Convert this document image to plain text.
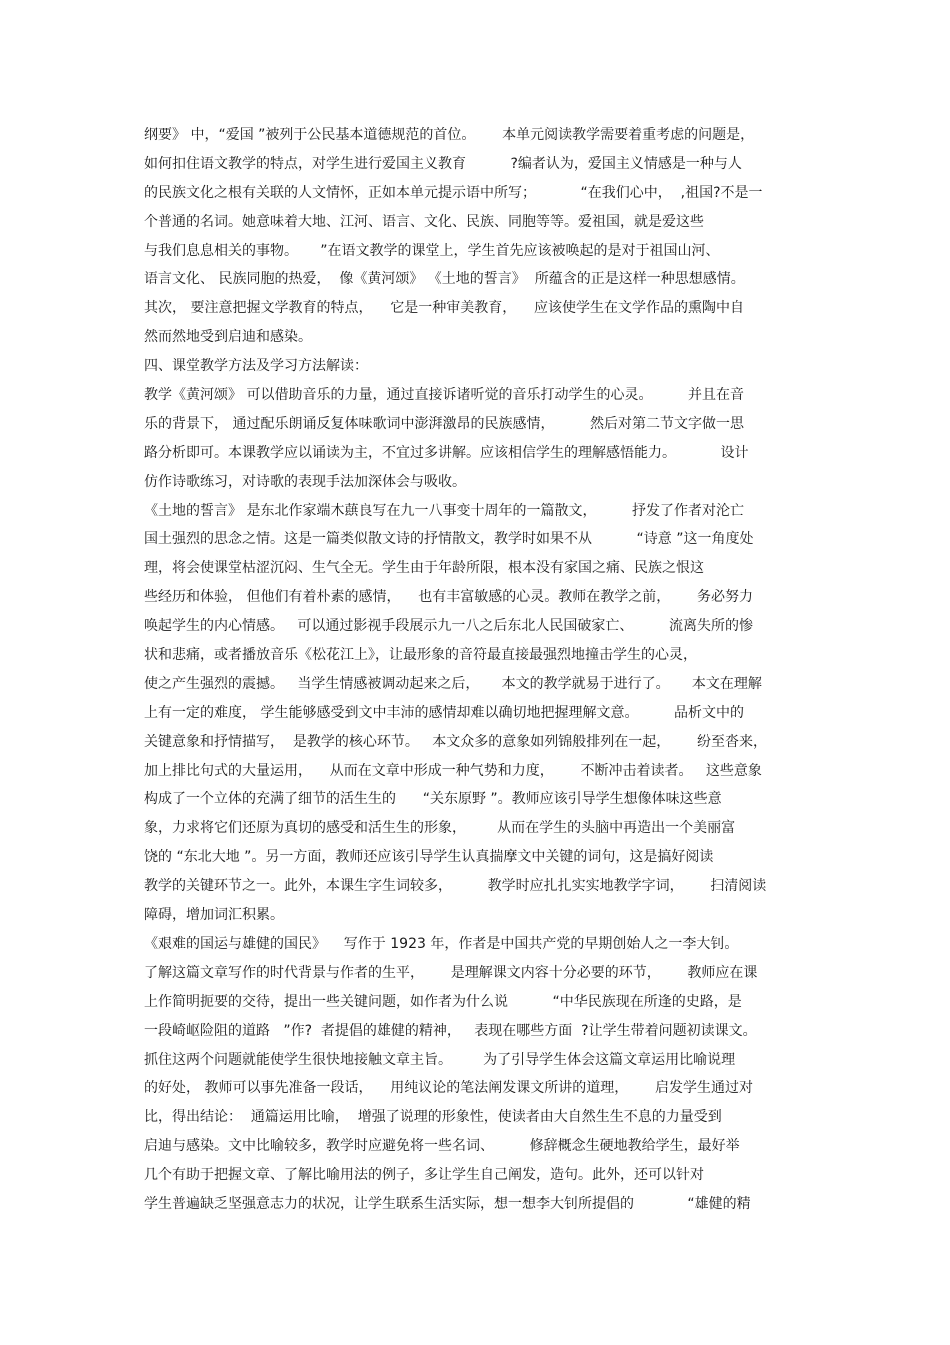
纲要》 中，“爱国 ”被列于公民基本道德规范的首位。      本单元阅读教学需要着重考虑的问题是，
如何扣住语文教学的特点，对学生进行爱国主义教育          ?编者认为，爱国主义情感是一种与人
的民族文化之根有关联的人文情怀，正如本单元提示语中所写；          “在我们心中，  ,祖国?不是一
个普通的名词。她意味着大地、江河、语言、文化、民族、同胞等等。爱祖国，就是爱这些
与我们息息相关的事物。     ”在语文教学的课堂上，学生首先应该被唤起的是对于祖国山河、
语言文化、 民族同胞的热爱，  像《黄河颂》 《土地的誓言》  所蕴含的正是这样一种思想感情。
其次， 要注意把握文学教育的特点，    它是一种审美教育，    应该使学生在文学作品的熏陶中自
然而然地受到启迪和感染。
四、课堂教学方法及学习方法解读：
教学《黄河颂》 可以借助音乐的力量，通过直接诉诸听觉的音乐打动学生的心灵。        并且在音
乐的背景下， 通过配乐朗诵反复体味歌词中澎湃激昂的民族感情，        然后对第二节文字做一思
路分析即可。本课教学应以诵读为主，不宜过多讲解。应该相信学生的理解感悟能力。          设计
仿作诗歌练习，对诗歌的表现手法加深体会与吸收。
《土地的誓言》 是东北作家端木蕻良写在九一八事变十周年的一篇散文，        抒发了作者对沦亡
国土强烈的思念之情。这是一篇类似散文诗的抒情散文，教学时如果不从          “诗意 ”这一角度处
理，将会使课堂枯涩沉闷、生气全无。学生由于年龄所限，根本没有家国之痛、民族之恨这
些经历和体验， 但他们有着朴素的感情，    也有丰富敏感的心灵。教师在教学之前，      务必努力
唤起学生的内心情感。   可以通过影视手段展示九一八之后东北人民国破家亡、        流离失所的惨
状和悲痛，或者播放音乐《松花江上》，让最形象的音符最直接最强烈地撞击学生的心灵，
使之产生强烈的震撼。   当学生情感被调动起来之后，     本文的教学就易于进行了。     本文在理解
上有一定的难度， 学生能够感受到文中丰沛的感情却难以确切地把握理解文意。        品析文中的
关键意象和抒情描写，  是教学的核心环节。   本文众多的意象如列锦般排列在一起，      纷至沓来，
加上排比句式的大量运用，    从而在文章中形成一种气势和力度，      不断冲击着读者。   这些意象
构成了一个立体的充满了细节的活生生的      “关东原野 ”。教师应该引导学生想像体味这些意
象，力求将它们还原为真切的感受和活生生的形象，       从而在学生的头脑中再造出一个美丽富
饶的 “东北大地 ”。另一方面，教师还应该引导学生认真揣摩文中关键的词句，这是搞好阅读
教学的关键环节之一。此外，本课生字生词较多，        教学时应扎扎实实地教学字词，      扫清阅读
障碍，增加词汇积累。
《艰难的国运与雄健的国民》    写作于 1923 年，作者是中国共产党的早期创始人之一李大钊。
了解这篇文章写作的时代背景与作者的生平，      是理解课文内容十分必要的环节，      教师应在课
上作简明扼要的交待，提出一些关键问题，如作者为什么说          “中华民族现在所逢的史路，是
一段崎岖险阻的道路   ”作?  者提倡的雄健的精神，   表现在哪些方面  ?让学生带着问题初读课文。
抓住这两个问题就能使学生很快地接触文章主旨。       为了引导学生体会这篇文章运用比喻说理
的好处， 教师可以事先准备一段话，    用纯议论的笔法阐发课文所讲的道理，      启发学生通过对
比，得出结论：  通篇运用比喻，  增强了说理的形象性，使读者由大自然生生不息的力量受到
启迪与感染。文中比喻较多，教学时应避免将一些名词、        修辞概念生硬地教给学生，最好举
几个有助于把握文章、了解比喻用法的例子，多让学生自己阐发，造句。此外，还可以针对
学生普遍缺乏坚强意志力的状况，让学生联系生活实际，想一想李大钊所提倡的            “雄健的精
